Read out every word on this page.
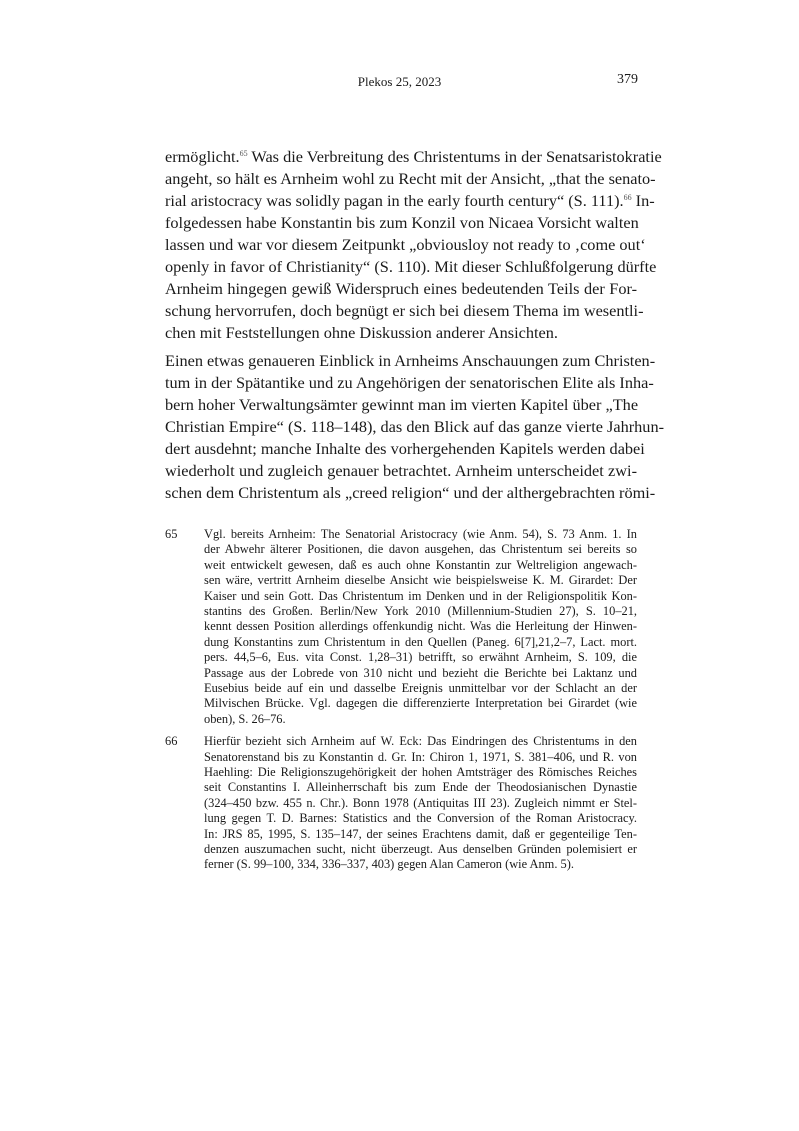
Plekos 25, 2023	379
ermöglicht.$^{65}$ Was die Verbreitung des Christentums in der Senatsaristokratie
angeht, so hält es Arnheim wohl zu Recht mit der Ansicht, „that the senato-
rial aristocracy was solidly pagan in the early fourth century“ (S. 111).$^{66}$ In-
folgedessen habe Konstantin bis zum Konzil von Nicaea Vorsicht walten
lassen und war vor diesem Zeitpunkt „obviousloy not ready to ‚come out‘
openly in favor of Christianity“ (S. 110). Mit dieser Schlußfolgerung dürfte
Arnheim hingegen gewiß Widerspruch eines bedeutenden Teils der For-
schung hervorrufen, doch begnügt er sich bei diesem Thema im wesentli-
chen mit Feststellungen ohne Diskussion anderer Ansichten.
Einen etwas genaueren Einblick in Arnheims Anschauungen zum Christen-
tum in der Spätantike und zu Angehörigen der senatorischen Elite als Inha-
bern hoher Verwaltungsämter gewinnt man im vierten Kapitel über „The
Christian Empire“ (S. 118–148), das den Blick auf das ganze vierte Jahrhun-
dert ausdehnt; manche Inhalte des vorhergehenden Kapitels werden dabei
wiederholt und zugleich genauer betrachtet. Arnheim unterscheidet zwi-
schen dem Christentum als „creed religion“ und der althergebrachten römi-
65 Vgl. bereits Arnheim: The Senatorial Aristocracy (wie Anm. 54), S. 73 Anm. 1. In
der Abwehr älterer Positionen, die davon ausgehen, das Christentum sei bereits so
weit entwickelt gewesen, daß es auch ohne Konstantin zur Weltreligion angewach-
sen wäre, vertritt Arnheim dieselbe Ansicht wie beispielsweise K. M. Girardet: Der
Kaiser und sein Gott. Das Christentum im Denken und in der Religionspolitik Kon-
stantins des Großen. Berlin/New York 2010 (Millennium-Studien 27), S. 10–21,
kennt dessen Position allerdings offenkundig nicht. Was die Herleitung der Hinwen-
dung Konstantins zum Christentum in den Quellen (Paneg. 6[7],21,2–7, Lact. mort.
pers. 44,5–6, Eus. vita Const. 1,28–31) betrifft, so erwähnt Arnheim, S. 109, die
Passage aus der Lobrede von 310 nicht und bezieht die Berichte bei Laktanz und
Eusebius beide auf ein und dasselbe Ereignis unmittelbar vor der Schlacht an der
Milvischen Brücke. Vgl. dagegen die differenzierte Interpretation bei Girardet (wie
oben), S. 26–76.
66 Hierfür bezieht sich Arnheim auf W. Eck: Das Eindringen des Christentums in den
Senatorenstand bis zu Konstantin d. Gr. In: Chiron 1, 1971, S. 381–406, und R. von
Haehling: Die Religionszugehörigkeit der hohen Amtsträger des Römisches Reiches
seit Constantins I. Alleinherrschaft bis zum Ende der Theodosianischen Dynastie
(324–450 bzw. 455 n. Chr.). Bonn 1978 (Antiquitas III 23). Zugleich nimmt er Stel-
lung gegen T. D. Barnes: Statistics and the Conversion of the Roman Aristocracy.
In: JRS 85, 1995, S. 135–147, der seines Erachtens damit, daß er gegenteilige Ten-
denzen auszumachen sucht, nicht überzeugt. Aus denselben Gründen polemisiert er
ferner (S. 99–100, 334, 336–337, 403) gegen Alan Cameron (wie Anm. 5).
